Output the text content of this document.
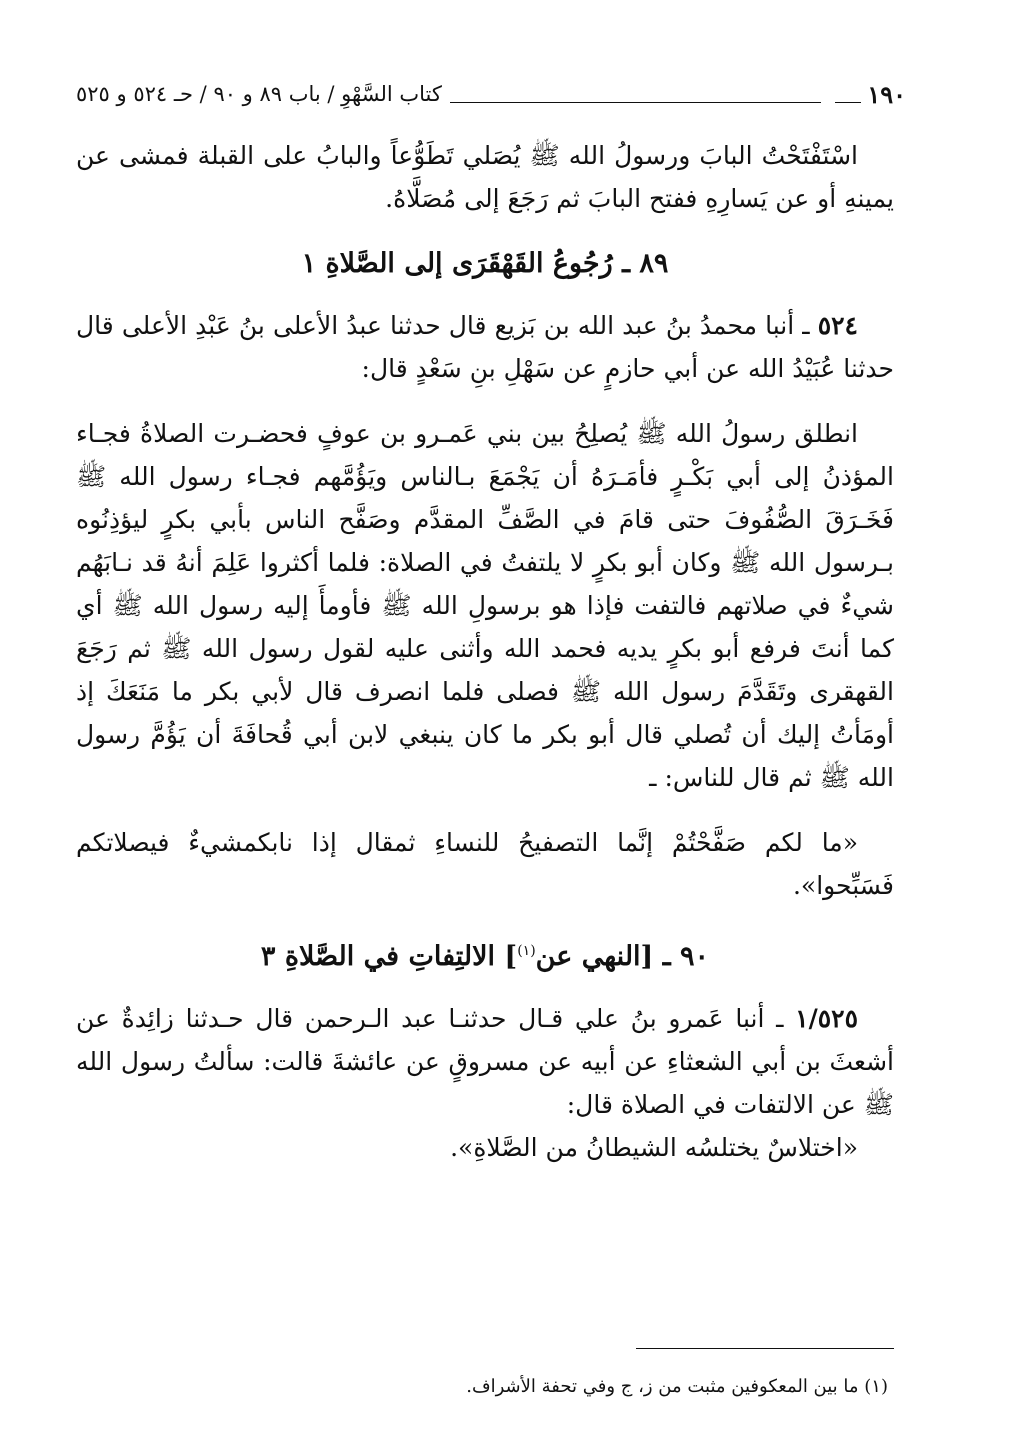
١٩٠
كتاب السَّهْوِ / باب ٨٩ و ٩٠ / حـ ٥٢٤ و ٥٢٥

اسْتَفْتَحْتُ البابَ ورسولُ الله ﷺ يُصَلي تَطَوُّعاً والبابُ على القبلة فمشى عن يمينهِ أو عن يَسارِهِ ففتح البابَ ثم رَجَعَ إلى مُصَلَّاهُ.

٨٩ ـ رُجُوعُ القَهْقَرَى إلى الصَّلاةِ ١

٥٢٤ ـ أنبا محمدُ بنُ عبد الله بن بَزيع قال حدثنا عبدُ الأعلى بنُ عَبْدِ الأعلى قال حدثنا عُبَيْدُ الله عن أبي حازمٍ عن سَهْلِ بنِ سَعْدٍ قال:

انطلق رسولُ الله ﷺ يُصلِحُ بين بني عَمـرو بن عوفٍ فحضـرت الصلاةُ فجـاء المؤذنُ إلى أبي بَكْـرٍ فأمَـرَهُ أن يَجْمَعَ بـالناس ويَؤُمَّهم فجـاء رسول الله ﷺ فَخَـرَقَ الصُّفُوفَ حتى قامَ في الصَّفِّ المقدَّم وصَفَّح الناس بأبي بكرٍ ليؤذِنُوه بـرسول الله ﷺ وكان أبو بكرٍ لا يلتفتُ في الصلاة: فلما أكثروا عَلِمَ أنهُ قد نـابَهُم شيءٌ في صلاتهم فالتفت فإذا هو برسولِ الله ﷺ فأومأَ إليه رسول الله ﷺ أي كما أنتَ فرفع أبو بكرٍ يديه فحمد الله وأثنى عليه لقول رسول الله ﷺ ثم رَجَعَ القهقرى وتَقَدَّمَ رسول الله ﷺ فصلى فلما انصرف قال لأبي بكر ما مَنَعَكَ إذ أومَأتُ إليك أن تُصلي قال أبو بكر ما كان ينبغي لابن أبي قُحافَةَ أن يَؤُمَّ رسول الله ﷺ ثم قال للناس: ـ

«ما لكم صَفَّحْتُمْ إنَّما التصفيحُ للنساءِ ثمقال إذا نابكمشيءٌ فيصلاتكم فَسَبِّحوا».

٩٠ ـ [النهي عن$^{(١)}$] الالتِفاتِ في الصَّلاةِ ٣

١/٥٢٥ ـ أنبا عَمرو بنُ علي قـال حدثنـا عبد الـرحمن قال حـدثنا زائِدةٌ عن أشعثَ بن أبي الشعثاءِ عن أبيه عن مسروقٍ عن عائشةَ قالت: سألتُ رسول الله ﷺ عن الالتفات في الصلاة قال:

«اختلاسٌ يختلسُه الشيطانُ من الصَّلاةِ».

(١) ما بين المعكوفين مثبت من ز، ج وفي تحفة الأشراف.
